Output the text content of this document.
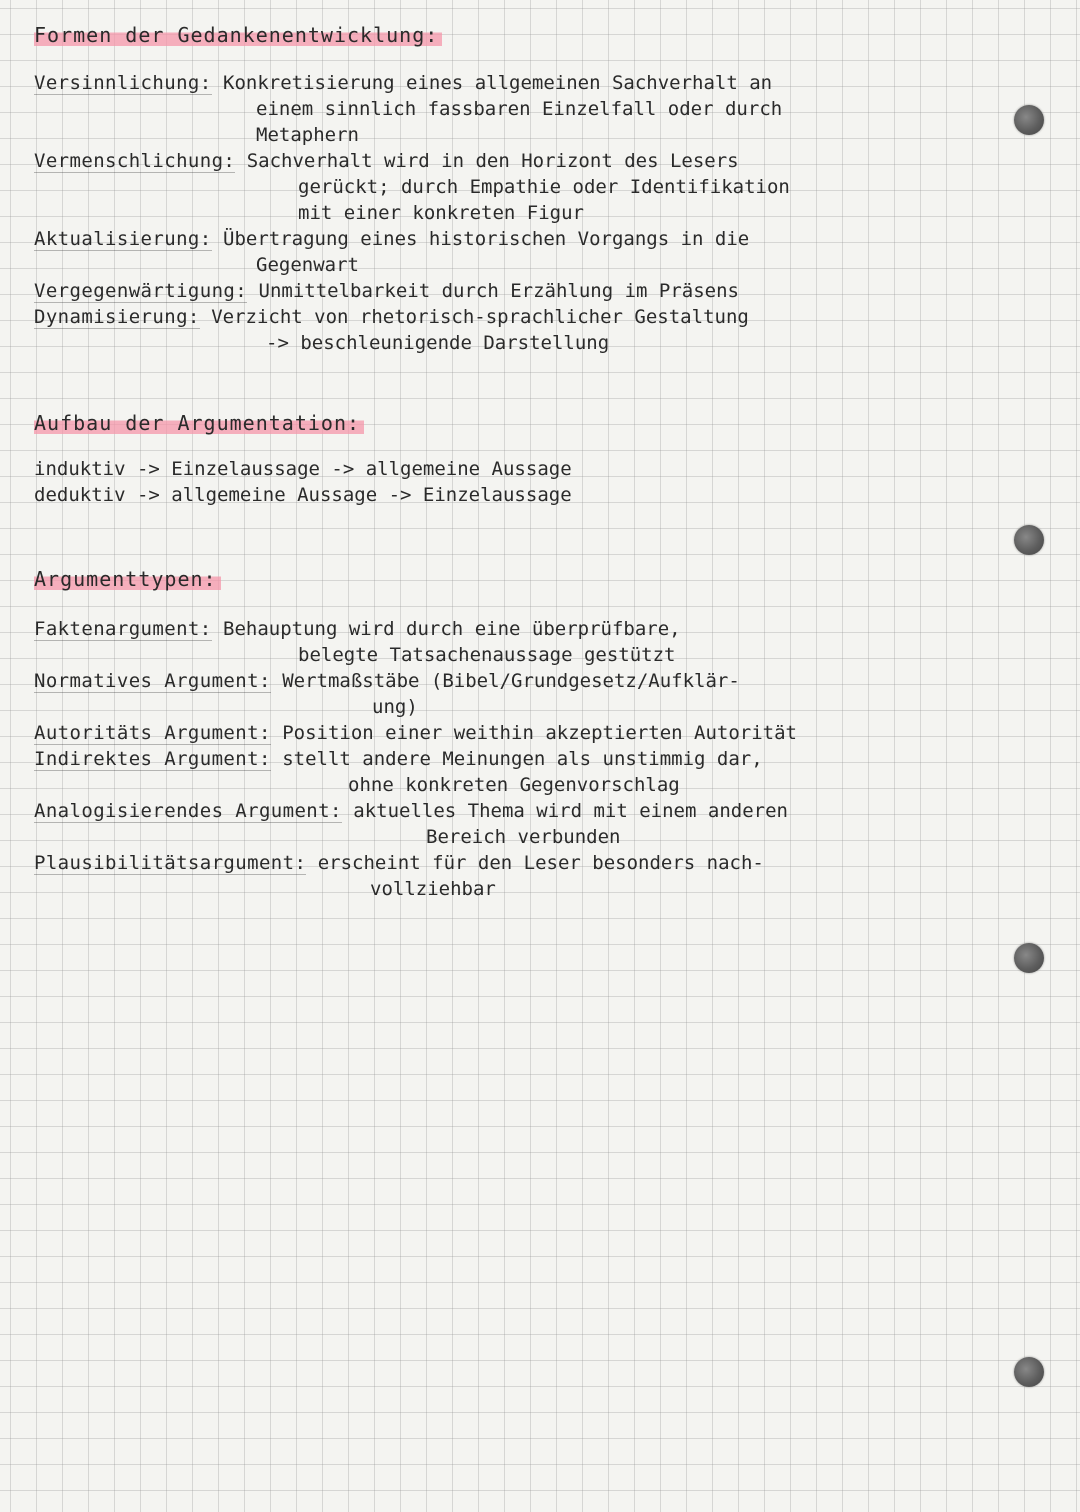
Formen der Gedankenentwicklung:
Versinnlichung: Konkretisierung eines allgemeinen Sachverhalt an
einem sinnlich fassbaren Einzelfall oder durch
Metaphern
Vermenschlichung: Sachverhalt wird in den Horizont des Lesers
gerückt; durch Empathie oder Identifikation
mit einer konkreten Figur
Aktualisierung: Übertragung eines historischen Vorgangs in die
Gegenwart
Vergegenwärtigung: Unmittelbarkeit durch Erzählung im Präsens
Dynamisierung: Verzicht von rhetorisch-sprachlicher Gestaltung
-> beschleunigende Darstellung
Aufbau der Argumentation:
induktiv -> Einzelaussage -> allgemeine Aussage
deduktiv -> allgemeine Aussage -> Einzelaussage
Argumenttypen:
Faktenargument: Behauptung wird durch eine überprüfbare,
belegte Tatsachenaussage gestützt
Normatives Argument: Wertmaßstäbe (Bibel/Grundgesetz/Aufklär-
ung)
Autoritäts Argument: Position einer weithin akzeptierten Autorität
Indirektes Argument: stellt andere Meinungen als unstimmig dar,
ohne konkreten Gegenvorschlag
Analogisierendes Argument: aktuelles Thema wird mit einem anderen
Bereich verbunden
Plausibilitätsargument: erscheint für den Leser besonders nach-
vollziehbar
